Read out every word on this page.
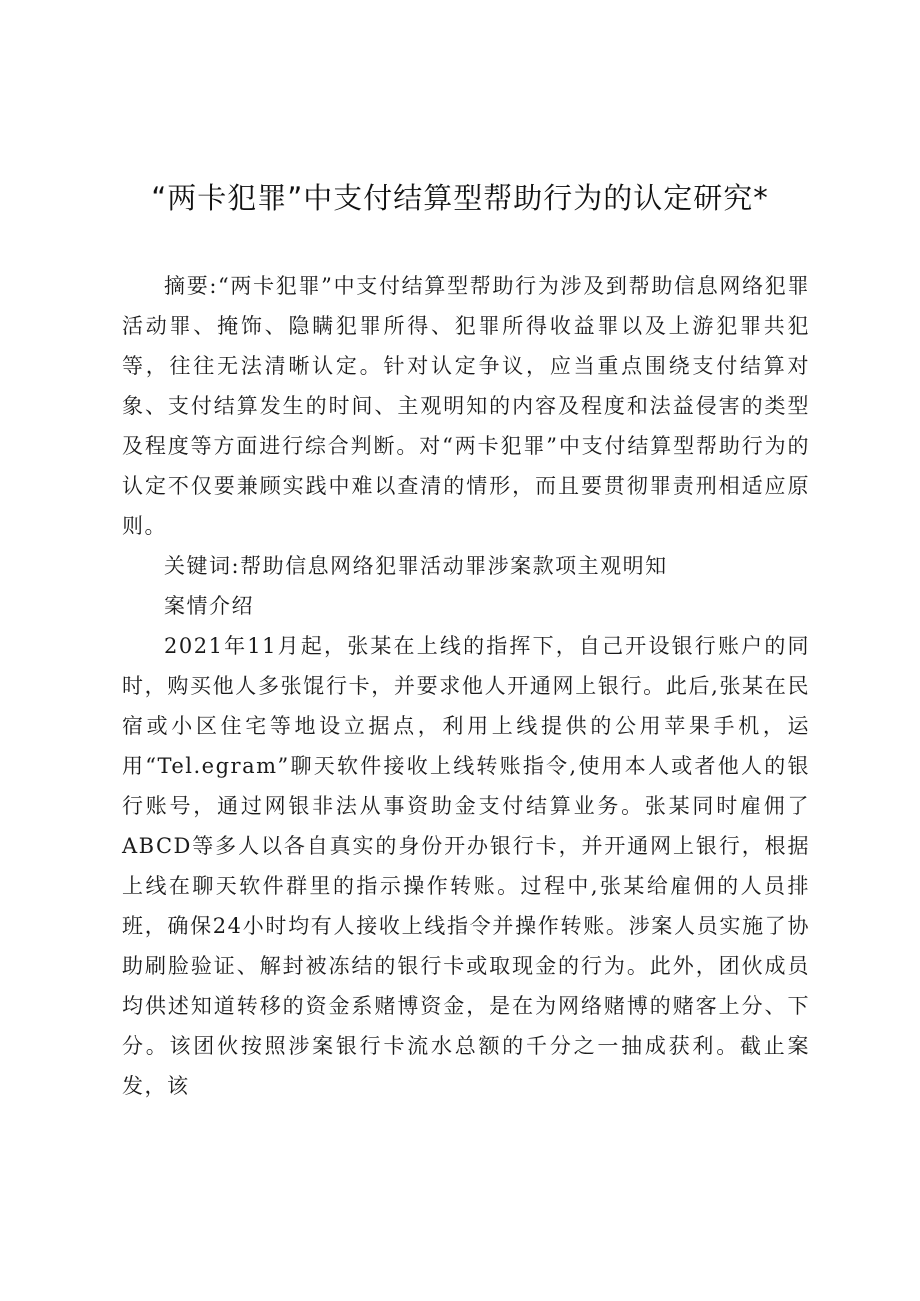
“两卡犯罪”中支付结算型帮助行为的认定研究*

摘要:“两卡犯罪”中支付结算型帮助行为涉及到帮助信息网络犯罪活动罪、掩饰、隐瞒犯罪所得、犯罪所得收益罪以及上游犯罪共犯等，往往无法清晰认定。针对认定争议，应当重点围绕支付结算对象、支付结算发生的时间、主观明知的内容及程度和法益侵害的类型及程度等方面进行综合判断。对“两卡犯罪”中支付结算型帮助行为的认定不仅要兼顾实践中难以查清的情形，而且要贯彻罪责刑相适应原则。

关键词:帮助信息网络犯罪活动罪涉案款项主观明知

案情介绍

2021年11月起，张某在上线的指挥下，自己开设银行账户的同时，购买他人多张馄行卡，并要求他人开通网上银行。此后,张某在民宿或小区住宅等地设立据点，利用上线提供的公用苹果手机，运用“Tel.egram”聊天软件接收上线转账指令,使用本人或者他人的银行账号，通过网银非法从事资助金支付结算业务。张某同时雇佣了ABCD等多人以各自真实的身份开办银行卡，并开通网上银行，根据上线在聊天软件群里的指示操作转账。过程中,张某给雇佣的人员排班，确保24小时均有人接收上线指令并操作转账。涉案人员实施了协助刷脸验证、解封被冻结的银行卡或取现金的行为。此外，团伙成员均供述知道转移的资金系赌博资金，是在为网络赌博的赌客上分、下分。该团伙按照涉案银行卡流水总额的千分之一抽成获利。截止案发，该
